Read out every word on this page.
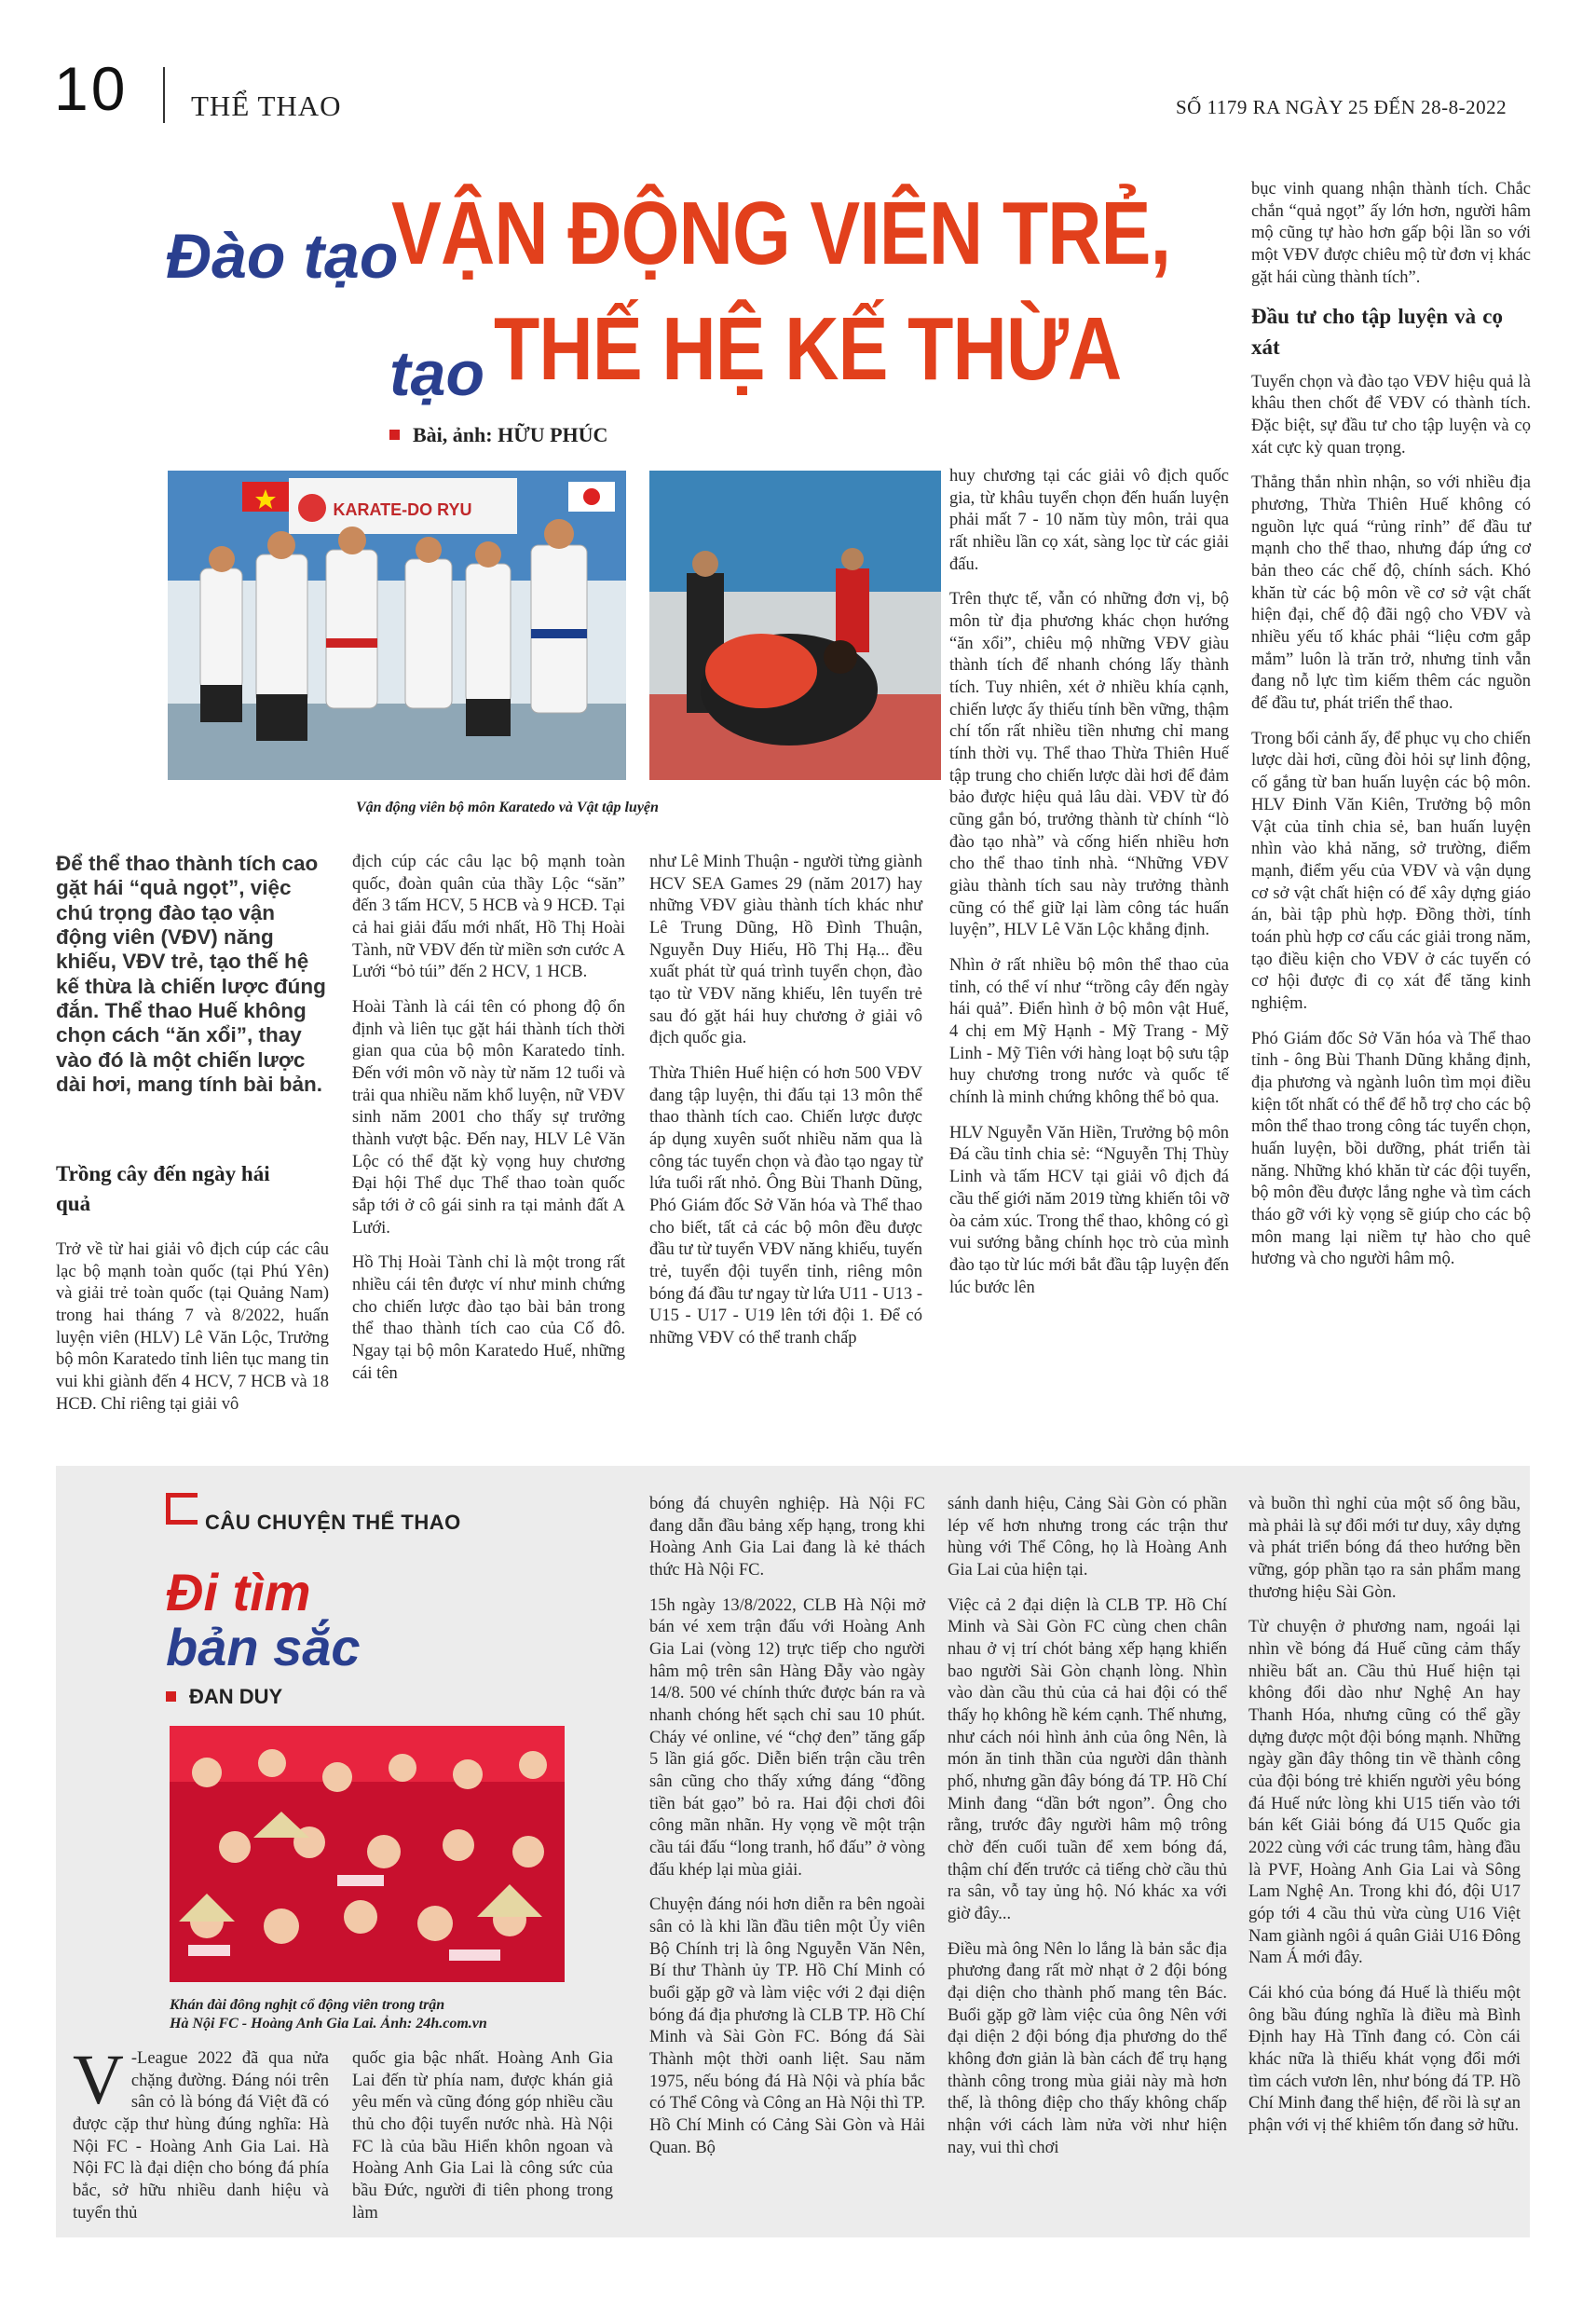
10 THỂ THAO	SỐ 1179 RA NGÀY 25 ĐẾN 28-8-2022
Đào tạo
VẬN ĐỘNG VIÊN TRẺ,
tạo THẾ HỆ KẾ THỪA
Bài, ảnh: HỮU PHÚC
KARATE-DO RYU
Vận động viên bộ môn Karatedo và Vật tập luyện
Để thể thao thành tích cao gặt hái “quả ngọt”, việc chú trọng đào tạo vận động viên (VĐV) năng khiếu, VĐV trẻ, tạo thế hệ kế thừa là chiến lược đúng đắn. Thể thao Huế không chọn cách “ăn xổi”, thay vào đó là một chiến lược dài hơi, mang tính bài bản.
Trồng cây đến ngày hái quả

Trở về từ hai giải vô địch cúp các câu lạc bộ mạnh toàn quốc (tại Phú Yên) và giải trẻ toàn quốc (tại Quảng Nam) trong hai tháng 7 và 8/2022, huấn luyện viên (HLV) Lê Văn Lộc, Trưởng bộ môn Karatedo tỉnh liên tục mang tin vui khi giành đến 4 HCV, 7 HCB và 18 HCĐ. Chỉ riêng tại giải vô

địch cúp các câu lạc bộ mạnh toàn quốc, đoàn quân của thầy Lộc “săn” đến 3 tấm HCV, 5 HCB và 9 HCĐ. Tại cả hai giải đấu mới nhất, Hồ Thị Hoài Tành, nữ VĐV đến từ miền sơn cước A Lưới “bỏ túi” đến 2 HCV, 1 HCB.

Hoài Tành là cái tên có phong độ ổn định và liên tục gặt hái thành tích thời gian qua của bộ môn Karatedo tỉnh. Đến với môn võ này từ năm 12 tuổi và trải qua nhiều năm khổ luyện, nữ VĐV sinh năm 2001 cho thấy sự trưởng thành vượt bậc. Đến nay, HLV Lê Văn Lộc có thể đặt kỳ vọng huy chương Đại hội Thể dục Thể thao toàn quốc sắp tới ở cô gái sinh ra tại mảnh đất A Lưới.

Hồ Thị Hoài Tành chỉ là một trong rất nhiều cái tên được ví như minh chứng cho chiến lược đào tạo bài bản trong thể thao thành tích cao của Cố đô. Ngay tại bộ môn Karatedo Huế, những cái tên

như Lê Minh Thuận - người từng giành HCV SEA Games 29 (năm 2017) hay những VĐV giàu thành tích khác như Lê Trung Dũng, Hồ Đình Thuận, Nguyễn Duy Hiếu, Hồ Thị Hạ... đều xuất phát từ quá trình tuyển chọn, đào tạo từ VĐV năng khiếu, lên tuyển trẻ sau đó gặt hái huy chương ở giải vô địch quốc gia.

Thừa Thiên Huế hiện có hơn 500 VĐV đang tập luyện, thi đấu tại 13 môn thể thao thành tích cao. Chiến lược được áp dụng xuyên suốt nhiều năm qua là công tác tuyển chọn và đào tạo ngay từ lứa tuổi rất nhỏ. Ông Bùi Thanh Dũng, Phó Giám đốc Sở Văn hóa và Thể thao cho biết, tất cả các bộ môn đều được đầu tư từ tuyển VĐV năng khiếu, tuyến trẻ, tuyển đội tuyển tỉnh, riêng môn bóng đá đầu tư ngay từ lứa U11 - U13 - U15 - U17 - U19 lên tới đội 1. Để có những VĐV có thể tranh chấp

huy chương tại các giải vô địch quốc gia, từ khâu tuyển chọn đến huấn luyện phải mất 7 - 10 năm tùy môn, trải qua rất nhiều lần cọ xát, sàng lọc từ các giải đấu.

Trên thực tế, vẫn có những đơn vị, bộ môn từ địa phương khác chọn hướng “ăn xổi”, chiêu mộ những VĐV giàu thành tích để nhanh chóng lấy thành tích. Tuy nhiên, xét ở nhiều khía cạnh, chiến lược ấy thiếu tính bền vững, thậm chí tốn rất nhiều tiền nhưng chỉ mang tính thời vụ. Thể thao Thừa Thiên Huế tập trung cho chiến lược dài hơi để đảm bảo được hiệu quả lâu dài. VĐV từ đó cũng gắn bó, trưởng thành từ chính “lò đào tạo nhà” và cống hiến nhiều hơn cho thể thao tỉnh nhà. “Những VĐV giàu thành tích sau này trưởng thành cũng có thể giữ lại làm công tác huấn luyện”, HLV Lê Văn Lộc khẳng định.

Nhìn ở rất nhiều bộ môn thể thao của tỉnh, có thể ví như “trồng cây đến ngày hái quả”. Điển hình ở bộ môn vật Huế, 4 chị em Mỹ Hạnh - Mỹ Trang - Mỹ Linh - Mỹ Tiên với hàng loạt bộ sưu tập huy chương trong nước và quốc tế chính là minh chứng không thể bỏ qua.

HLV Nguyễn Văn Hiền, Trưởng bộ môn Đá cầu tỉnh chia sẻ: “Nguyễn Thị Thùy Linh và tấm HCV tại giải vô địch đá cầu thế giới năm 2019 từng khiến tôi vỡ òa cảm xúc. Trong thể thao, không có gì vui sướng bằng chính học trò của mình đào tạo từ lúc mới bắt đầu tập luyện đến lúc bước lên

bục vinh quang nhận thành tích. Chắc chắn “quả ngọt” ấy lớn hơn, người hâm mộ cũng tự hào hơn gấp bội lần so với một VĐV được chiêu mộ từ đơn vị khác gặt hái cùng thành tích”.

Đầu tư cho tập luyện và cọ xát

Tuyển chọn và đào tạo VĐV hiệu quả là khâu then chốt để VĐV có thành tích. Đặc biệt, sự đầu tư cho tập luyện và cọ xát cực kỳ quan trọng.

Thẳng thắn nhìn nhận, so với nhiều địa phương, Thừa Thiên Huế không có nguồn lực quá “rủng rỉnh” để đầu tư mạnh cho thể thao, nhưng đáp ứng cơ bản theo các chế độ, chính sách. Khó khăn từ các bộ môn về cơ sở vật chất hiện đại, chế độ đãi ngộ cho VĐV và nhiều yếu tố khác phải “liệu cơm gắp mắm” luôn là trăn trở, nhưng tỉnh vẫn đang nỗ lực tìm kiếm thêm các nguồn để đầu tư, phát triển thể thao.

Trong bối cảnh ấy, để phục vụ cho chiến lược dài hơi, cũng đòi hỏi sự linh động, cố gắng từ ban huấn luyện các bộ môn. HLV Đinh Văn Kiên, Trưởng bộ môn Vật của tỉnh chia sẻ, ban huấn luyện nhìn vào khả năng, sở trường, điểm mạnh, điểm yếu của VĐV và vận dụng cơ sở vật chất hiện có để xây dựng giáo án, bài tập phù hợp. Đồng thời, tính toán phù hợp cơ cấu các giải trong năm, tạo điều kiện cho VĐV ở các tuyến có cơ hội được đi cọ xát để tăng kinh nghiệm.

Phó Giám đốc Sở Văn hóa và Thể thao tỉnh - ông Bùi Thanh Dũng khẳng định, địa phương và ngành luôn tìm mọi điều kiện tốt nhất có thể để hỗ trợ cho các bộ môn thể thao trong công tác tuyển chọn, huấn luyện, bồi dưỡng, phát triển tài năng. Những khó khăn từ các đội tuyển, bộ môn đều được lắng nghe và tìm cách tháo gỡ với kỳ vọng sẽ giúp cho các bộ môn mang lại niềm tự hào cho quê hương và cho người hâm mộ.

CÂU CHUYỆN THỂ THAO
Đi tìm
bản sắc
ĐAN DUY
Khán đài đông nghịt cổ động viên trong trận
Hà Nội FC - Hoàng Anh Gia Lai. Ảnh: 24h.com.vn

V -League 2022 đã qua nửa chặng đường. Đáng nói trên sân cỏ là bóng đá Việt đã có được cặp thư hùng đúng nghĩa: Hà Nội FC - Hoàng Anh Gia Lai. Hà Nội FC là đại diện cho bóng đá phía bắc, sở hữu nhiều danh hiệu và tuyển thủ

quốc gia bậc nhất. Hoàng Anh Gia Lai đến từ phía nam, được khán giả yêu mến và cũng đóng góp nhiều cầu thủ cho đội tuyển nước nhà. Hà Nội FC là của bầu Hiển khôn ngoan và Hoàng Anh Gia Lai là công sức của bầu Đức, người đi tiên phong trong làm

bóng đá chuyên nghiệp. Hà Nội FC đang dẫn đầu bảng xếp hạng, trong khi Hoàng Anh Gia Lai đang là kẻ thách thức Hà Nội FC.

15h ngày 13/8/2022, CLB Hà Nội mở bán vé xem trận đấu với Hoàng Anh Gia Lai (vòng 12) trực tiếp cho người hâm mộ trên sân Hàng Đẫy vào ngày 14/8. 500 vé chính thức được bán ra và nhanh chóng hết sạch chỉ sau 10 phút. Cháy vé online, vé “chợ đen” tăng gấp 5 lần giá gốc. Diễn biến trận cầu trên sân cũng cho thấy xứng đáng “đồng tiền bát gạo” bỏ ra. Hai đội chơi đôi công mãn nhãn. Hy vọng về một trận cầu tái đấu “long tranh, hổ đấu” ở vòng đấu khép lại mùa giải.

Chuyện đáng nói hơn diễn ra bên ngoài sân cỏ là khi lần đầu tiên một Ủy viên Bộ Chính trị là ông Nguyễn Văn Nên, Bí thư Thành ủy TP. Hồ Chí Minh có buổi gặp gỡ và làm việc với 2 đại diện bóng đá địa phương là CLB TP. Hồ Chí Minh và Sài Gòn FC. Bóng đá Sài Thành một thời oanh liệt. Sau năm 1975, nếu bóng đá Hà Nội và phía bắc có Thể Công và Công an Hà Nội thì TP. Hồ Chí Minh có Cảng Sài Gòn và Hải Quan. Bộ

sánh danh hiệu, Cảng Sài Gòn có phần lép vế hơn nhưng trong các trận thư hùng với Thể Công, họ là Hoàng Anh Gia Lai của hiện tại.

Việc cả 2 đại diện là CLB TP. Hồ Chí Minh và Sài Gòn FC cùng chen chân nhau ở vị trí chót bảng xếp hạng khiến bao người Sài Gòn chạnh lòng. Nhìn vào dàn cầu thủ của cả hai đội có thể thấy họ không hề kém cạnh. Thế nhưng, như cách nói hình ảnh của ông Nên, là món ăn tinh thần của người dân thành phố, nhưng gần đây bóng đá TP. Hồ Chí Minh đang “dần bớt ngon”. Ông cho rằng, trước đây người hâm mộ trông chờ đến cuối tuần để xem bóng đá, thậm chí đến trước cả tiếng chờ cầu thủ ra sân, vỗ tay ủng hộ. Nó khác xa với giờ đây...

Điều mà ông Nên lo lắng là bản sắc địa phương đang rất mờ nhạt ở 2 đội bóng đại diện cho thành phố mang tên Bác. Buổi gặp gỡ làm việc của ông Nên với đại diện 2 đội bóng địa phương do thể không đơn giản là bàn cách để trụ hạng thành công trong mùa giải này mà hơn thế, là thông điệp cho thấy không chấp nhận với cách làm nửa vời như hiện nay, vui thì chơi

và buồn thì nghỉ của một số ông bầu, mà phải là sự đổi mới tư duy, xây dựng và phát triển bóng đá theo hướng bền vững, góp phần tạo ra sản phẩm mang thương hiệu Sài Gòn.

Từ chuyện ở phương nam, ngoái lại nhìn về bóng đá Huế cũng cảm thấy nhiều bất an. Cầu thủ Huế hiện tại không đổi dào như Nghệ An hay Thanh Hóa, nhưng cũng có thể gầy dựng được một đội bóng mạnh. Những ngày gần đây thông tin về thành công của đội bóng trẻ khiến người yêu bóng đá Huế nức lòng khi U15 tiến vào tới bán kết Giải bóng đá U15 Quốc gia 2022 cùng với các trung tâm, hàng đầu là PVF, Hoàng Anh Gia Lai và Sông Lam Nghệ An. Trong khi đó, đội U17 góp tới 4 cầu thủ vừa cùng U16 Việt Nam giành ngôi á quân Giải U16 Đông Nam Á mới đây.

Cái khó của bóng đá Huế là thiếu một ông bầu đúng nghĩa là điều mà Bình Định hay Hà Tĩnh đang có. Còn cái khác nữa là thiếu khát vọng đổi mới tìm cách vươn lên, như bóng đá TP. Hồ Chí Minh đang thể hiện, để rồi là sự an phận với vị thế khiêm tốn đang sở hữu.
